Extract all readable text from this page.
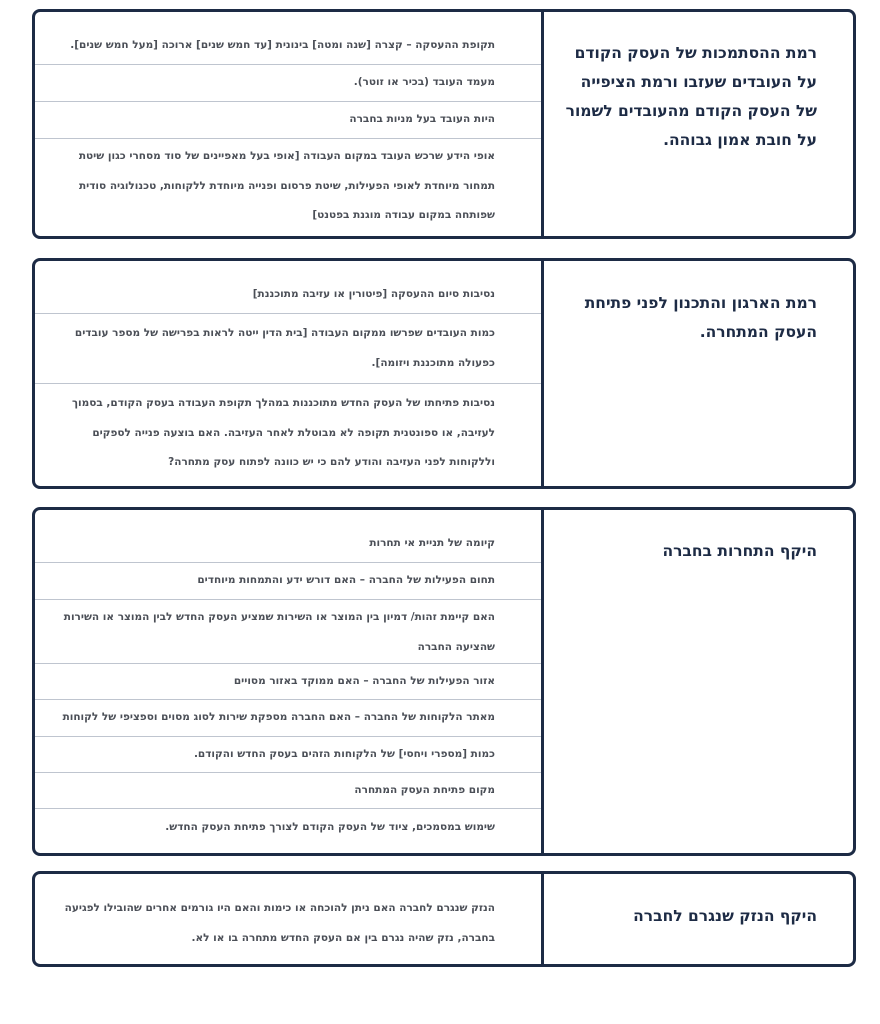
רמת ההסתמכות של העסק הקודם על העובדים שעזבו ורמת הציפייה של העסק הקודם מהעובדים לשמור על חובת אמון גבוהה.
תקופת ההעסקה – קצרה [שנה ומטה] בינונית [עד חמש שנים] ארוכה [מעל חמש שנים].
מעמד העובד (בכיר או זוטר).
היות העובד בעל מניות בחברה
אופי הידע שרכש העובד במקום העבודה [אופי בעל מאפיינים של סוד מסחרי כגון שיטת תמחור מיוחדת לאופי הפעילות, שיטת פרסום ופנייה מיוחדת ללקוחות, טכנולוגיה סודית שפותחה במקום עבודה מוגנת בפטנט]
רמת הארגון והתכנון לפני פתיחת העסק המתחרה.
נסיבות סיום ההעסקה [פיטורין או עזיבה מתוכננת]
כמות העובדים שפרשו ממקום העבודה [בית הדין ייטה לראות בפרישה של מספר עובדים כפעולה מתוכננת ויזומה].
נסיבות פתיחתו של העסק החדש מתוכננות במהלך תקופת העבודה בעסק הקודם, בסמוך לעזיבה, או ספונטנית תקופה לא מבוטלת לאחר העזיבה. האם בוצעה פנייה לספקים וללקוחות לפני העזיבה והודע להם כי יש כוונה לפתוח עסק מתחרה?
היקף התחרות בחברה
קיומה של תניית אי תחרות
תחום הפעילות של החברה – האם דורש ידע והתמחות מיוחדים
האם קיימת זהות/ דמיון בין המוצר או השירות שמציע העסק החדש לבין המוצר או השירות שהציעה החברה
אזור הפעילות של החברה – האם ממוקד באזור מסויים
מאתר הלקוחות של החברה – האם החברה מספקת שירות לסוג מסוים וספציפי של לקוחות
כמות [מספרי ויחסי] של הלקוחות הזהים בעסק החדש והקודם.
מקום פתיחת העסק המתחרה
שימוש במסמכים, ציוד של העסק הקודם לצורך פתיחת העסק החדש.
היקף הנזק שנגרם לחברה
הנזק שנגרם לחברה האם ניתן להוכחה או כימות והאם היו גורמים אחרים שהובילו לפגיעה בחברה, נזק שהיה נגרם בין אם העסק החדש מתחרה בו או לא.
